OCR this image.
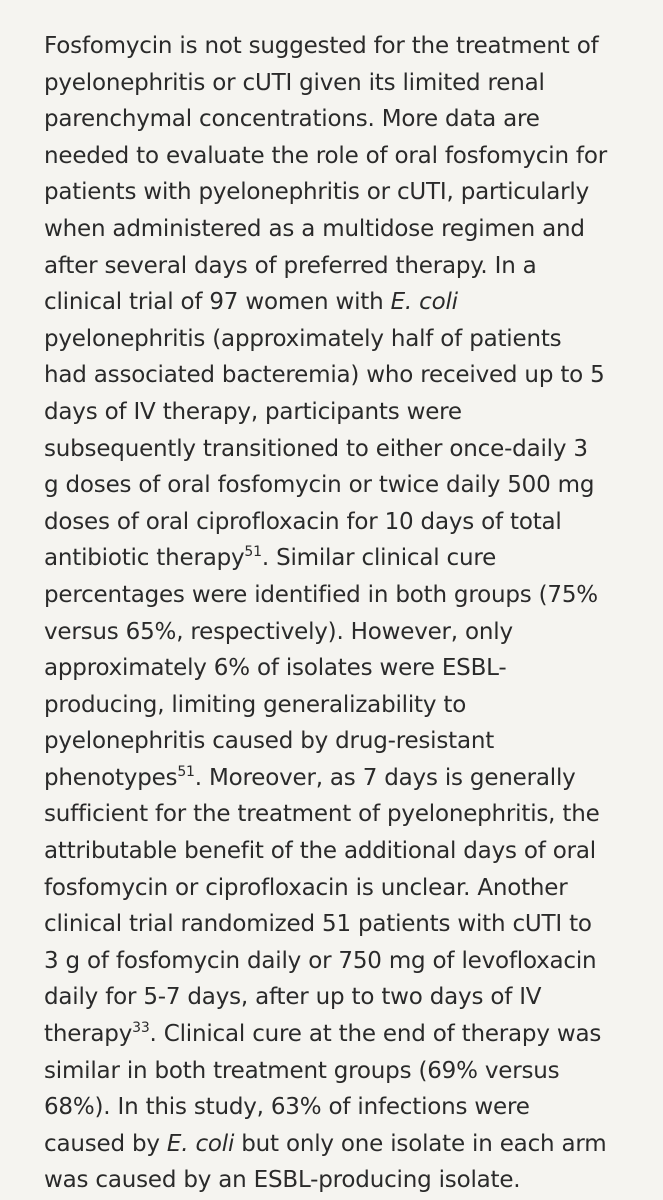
Fosfomycin is not suggested for the treatment of
pyelonephritis or cUTI given its limited renal
parenchymal concentrations. More data are
needed to evaluate the role of oral fosfomycin for
patients with pyelonephritis or cUTI, particularly
when administered as a multidose regimen and
after several days of preferred therapy. In a
clinical trial of 97 women with E. coli
pyelonephritis (approximately half of patients
had associated bacteremia) who received up to 5
days of IV therapy, participants were
subsequently transitioned to either once-daily 3
g doses of oral fosfomycin or twice daily 500 mg
doses of oral ciprofloxacin for 10 days of total
antibiotic therapy$^{51}$. Similar clinical cure
percentages were identified in both groups (75%
versus 65%, respectively). However, only
approximately 6% of isolates were ESBL-
producing, limiting generalizability to
pyelonephritis caused by drug-resistant
phenotypes$^{51}$. Moreover, as 7 days is generally
sufficient for the treatment of pyelonephritis, the
attributable benefit of the additional days of oral
fosfomycin or ciprofloxacin is unclear. Another
clinical trial randomized 51 patients with cUTI to
3 g of fosfomycin daily or 750 mg of levofloxacin
daily for 5-7 days, after up to two days of IV
therapy$^{33}$. Clinical cure at the end of therapy was
similar in both treatment groups (69% versus
68%). In this study, 63% of infections were
caused by E. coli but only one isolate in each arm
was caused by an ESBL-producing isolate.
